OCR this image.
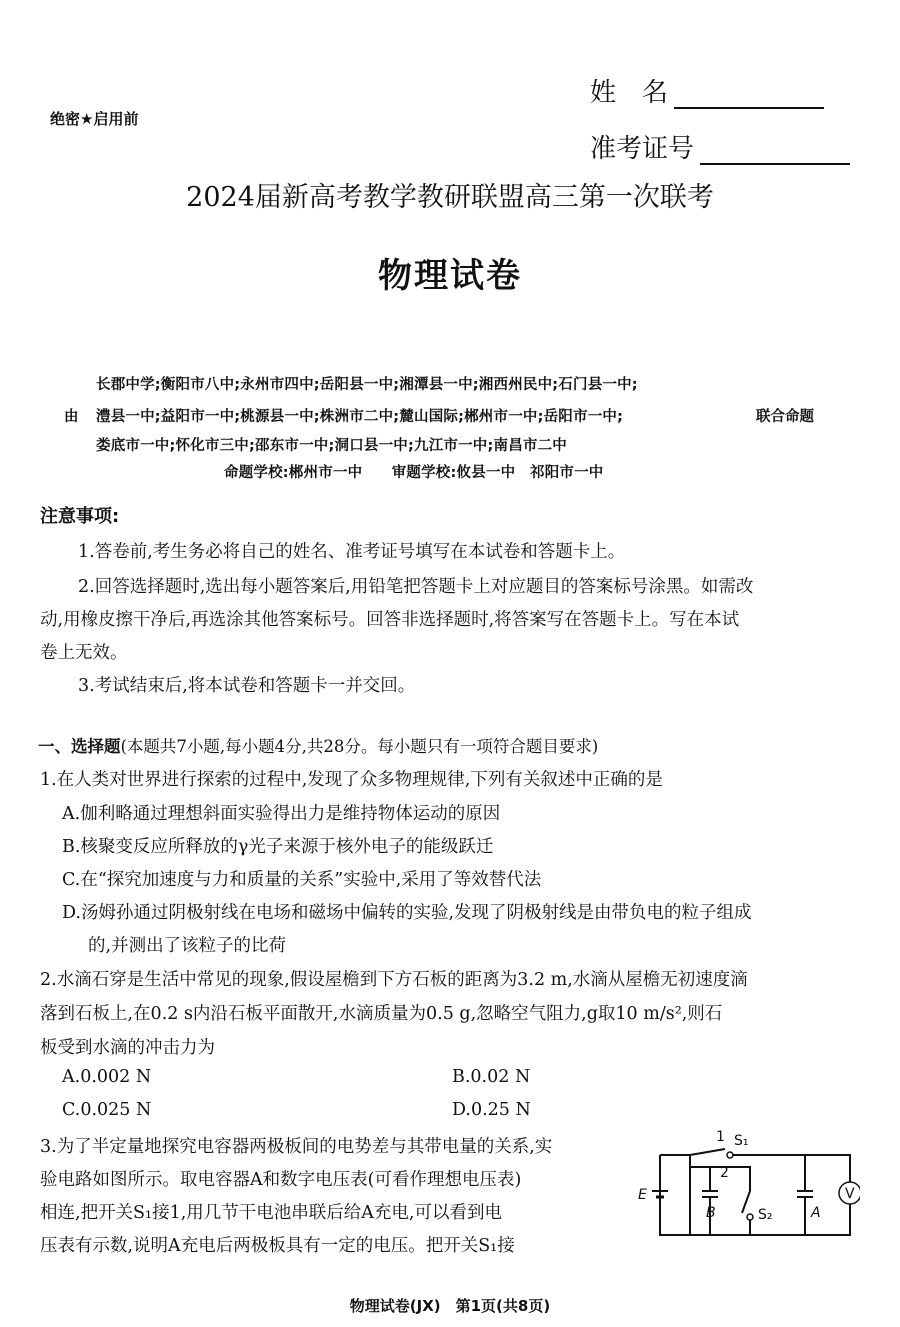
绝密★启用前
姓　名
准考证号
2024届新高考教学教研联盟高三第一次联考
物理试卷
长郡中学;衡阳市八中;永州市四中;岳阳县一中;湘潭县一中;湘西州民中;石门县一中;
由 澧县一中;益阳市一中;桃源县一中;株洲市二中;麓山国际;郴州市一中;岳阳市一中;	联合命题
娄底市一中;怀化市三中;邵东市一中;洞口县一中;九江市一中;南昌市二中
命题学校:郴州市一中　　审题学校:攸县一中　祁阳市一中
注意事项:
1.答卷前,考生务必将自己的姓名、准考证号填写在本试卷和答题卡上。
2.回答选择题时,选出每小题答案后,用铅笔把答题卡上对应题目的答案标号涂黑。如需改
动,用橡皮擦干净后,再选涂其他答案标号。回答非选择题时,将答案写在答题卡上。写在本试
卷上无效。
3.考试结束后,将本试卷和答题卡一并交回。
一、选择题(本题共7小题,每小题4分,共28分。每小题只有一项符合题目要求)
1.在人类对世界进行探索的过程中,发现了众多物理规律,下列有关叙述中正确的是
A.伽利略通过理想斜面实验得出力是维持物体运动的原因
B.核聚变反应所释放的γ光子来源于核外电子的能级跃迁
C.在“探究加速度与力和质量的关系”实验中,采用了等效替代法
D.汤姆孙通过阴极射线在电场和磁场中偏转的实验,发现了阴极射线是由带负电的粒子组成
的,并测出了该粒子的比荷
2.水滴石穿是生活中常见的现象,假设屋檐到下方石板的距离为3.2 m,水滴从屋檐无初速度滴
落到石板上,在0.2 s内沿石板平面散开,水滴质量为0.5 g,忽略空气阻力,g取10 m/s²,则石
板受到水滴的冲击力为
A.0.002 N	B.0.02 N
C.0.025 N	D.0.25 N
3.为了半定量地探究电容器两极板间的电势差与其带电量的关系,实
验电路如图所示。取电容器A和数字电压表(可看作理想电压表)
相连,把开关S₁接1,用几节干电池串联后给A充电,可以看到电
压表有示数,说明A充电后两极板具有一定的电压。把开关S₁接
1 S₁
2
E
B	S₂	A
V
物理试卷(JX)　第1页(共8页)
